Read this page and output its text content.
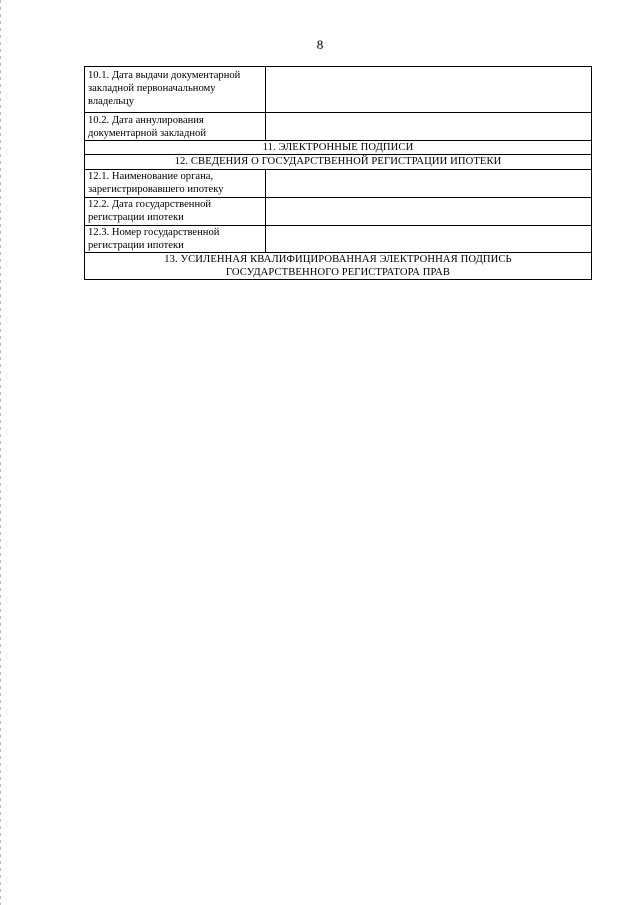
8
10.1. Дата выдачи документарной закладной первоначальному владельцу	
10.2. Дата аннулирования документарной закладной	
11. ЭЛЕКТРОННЫЕ ПОДПИСИ	
12. СВЕДЕНИЯ О ГОСУДАРСТВЕННОЙ РЕГИСТРАЦИИ ИПОТЕКИ	
12.1. Наименование органа, зарегистрировавшего ипотеку	
12.2. Дата государственной регистрации ипотеки	
12.3. Номер государственной регистрации ипотеки	

13. УСИЛЕННАЯ КВАЛИФИЦИРОВАННАЯ ЭЛЕКТРОННАЯ ПОДПИСЬ
ГОСУДАРСТВЕННОГО РЕГИСТРАТОРА ПРАВ	
